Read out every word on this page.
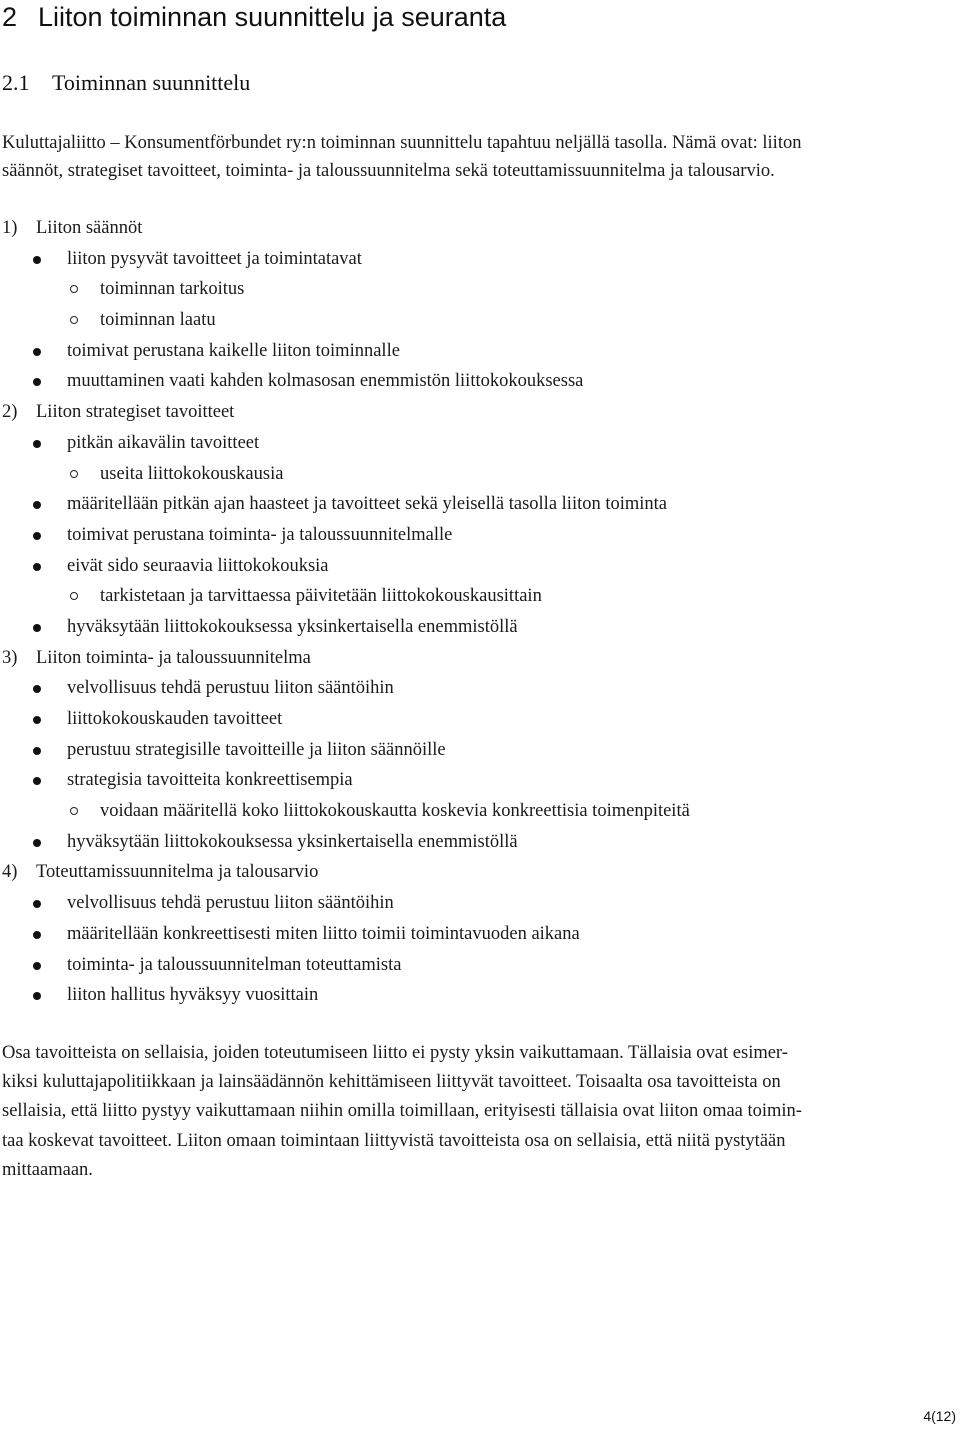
2 Liiton toiminnan suunnittelu ja seuranta
2.1 Toiminnan suunnittelu
Kuluttajaliitto – Konsumentförbundet ry:n toiminnan suunnittelu tapahtuu neljällä tasolla. Nämä ovat: liiton
säännöt, strategiset tavoitteet, toiminta- ja taloussuunnitelma sekä toteuttamissuunnitelma ja talousarvio.
1) Liiton säännöt
liiton pysyvät tavoitteet ja toimintatavat
toiminnan tarkoitus
toiminnan laatu
toimivat perustana kaikelle liiton toiminnalle
muuttaminen vaati kahden kolmasosan enemmistön liittokokouksessa
2) Liiton strategiset tavoitteet
pitkän aikavälin tavoitteet
useita liittokokouskausia
määritellään pitkän ajan haasteet ja tavoitteet sekä yleisellä tasolla liiton toiminta
toimivat perustana toiminta- ja taloussuunnitelmalle
eivät sido seuraavia liittokokouksia
tarkistetaan ja tarvittaessa päivitetään liittokokouskausittain
hyväksytään liittokokouksessa yksinkertaisella enemmistöllä
3) Liiton toiminta- ja taloussuunnitelma
velvollisuus tehdä perustuu liiton sääntöihin
liittokokouskauden tavoitteet
perustuu strategisille tavoitteille ja liiton säännöille
strategisia tavoitteita konkreettisempia
voidaan määritellä koko liittokokouskautta koskevia konkreettisia toimenpiteitä
hyväksytään liittokokouksessa yksinkertaisella enemmistöllä
4) Toteuttamissuunnitelma ja talousarvio
velvollisuus tehdä perustuu liiton sääntöihin
määritellään konkreettisesti miten liitto toimii toimintavuoden aikana
toiminta- ja taloussuunnitelman toteuttamista
liiton hallitus hyväksyy vuosittain
Osa tavoitteista on sellaisia, joiden toteutumiseen liitto ei pysty yksin vaikuttamaan. Tällaisia ovat esimer-
kiksi kuluttajapolitiikkaan ja lainsäädännön kehittämiseen liittyvät tavoitteet. Toisaalta osa tavoitteista on
sellaisia, että liitto pystyy vaikuttamaan niihin omilla toimillaan, erityisesti tällaisia ovat liiton omaa toimin-
taa koskevat tavoitteet. Liiton omaan toimintaan liittyvistä tavoitteista osa on sellaisia, että niitä pystytään
mittaamaan.
4(12)
